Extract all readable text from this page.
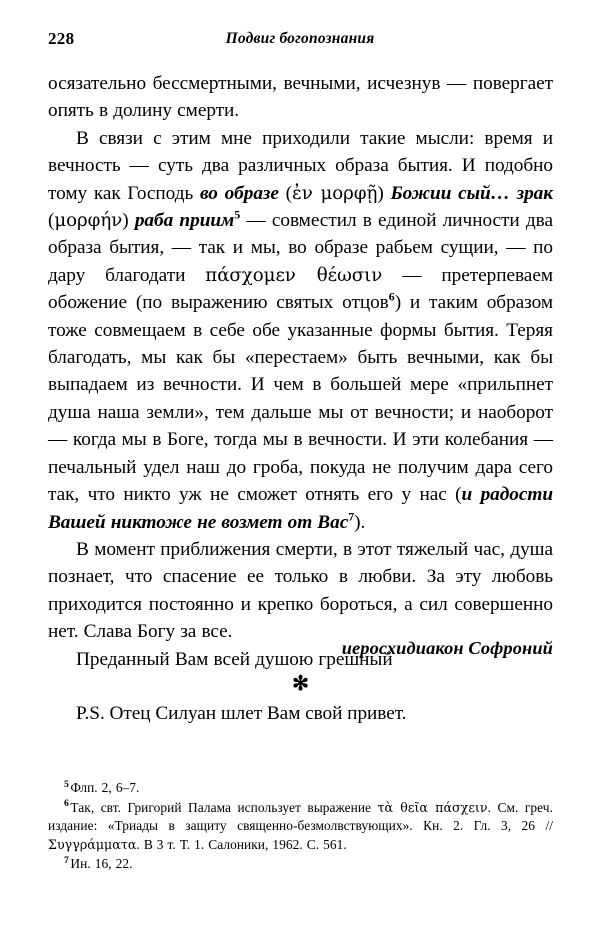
228	Подвиг богопознания

осязательно бессмертными, вечными, исчезнув — повергает опять в долину смерти.

В связи с этим мне приходили такие мысли: время и вечность — суть два различных образа бытия. И подобно тому как Господь во образе (ἐν μορφῇ) Божии сый… зрак (μορφήν) раба приим$^5$ — совместил в единой личности два образа бытия, — так и мы, во образе рабьем сущии, — по дару благодати πάσχομεν θέωσιν — претерпеваем обожение (по выражению святых отцов$^6$) и таким образом тоже совмещаем в себе обе указанные формы бытия. Теряя благодать, мы как бы «перестаем» быть вечными, как бы выпадаем из вечности. И чем в большей мере «прильпнет душа наша земли», тем дальше мы от вечности; и наоборот — когда мы в Боге, тогда мы в вечности. И эти колебания — печальный удел наш до гроба, покуда не получим дара сего так, что никто уж не сможет отнять его у нас (и радости Вашей никтоже не возмет от Вас$^7$).

В момент приближения смерти, в этот тяжелый час, душа познает, что спасение ее только в любви. За эту любовь приходится постоянно и крепко бороться, а сил совершенно нет. Слава Богу за все.

Преданный Вам всей душою грешный

иеросхидиакон Софроний
✻
P.S. Отец Силуан шлет Вам свой привет.

$^5$ Флп. 2, 6–7.

$^6$ Так, свт. Григорий Палама использует выражение τὰ θεῖα πάσχειν. См. греч. издание: «Триады в защиту священно-безмолвствующих». Кн. 2. Гл. 3, 26 //Συγγράμματα. В 3 т. Т. 1. Салоники, 1962. С. 561.

$^7$ Ин. 16, 22.
